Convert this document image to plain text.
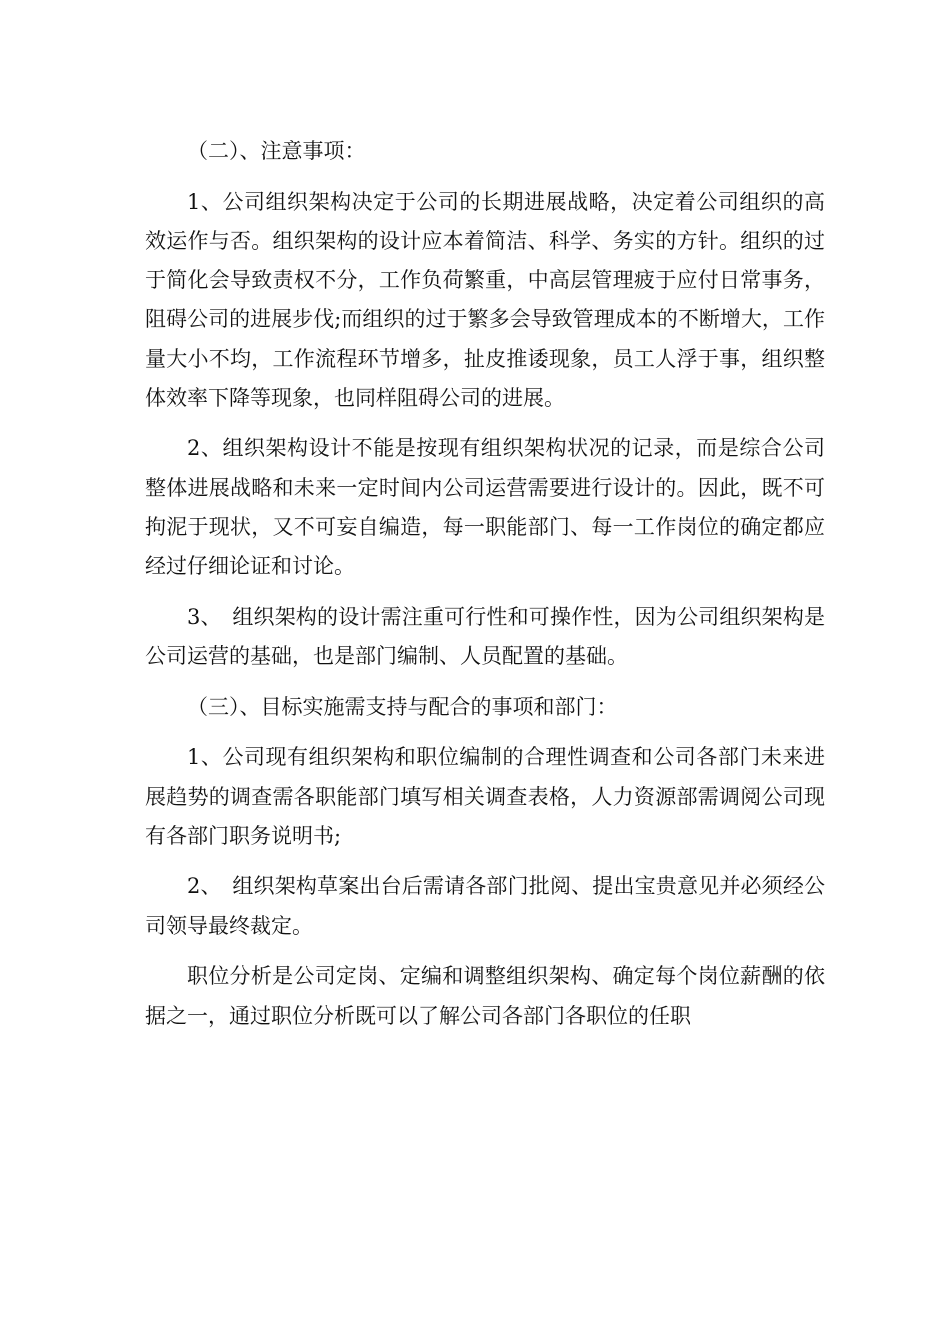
（二）、注意事项：

1、公司组织架构决定于公司的长期进展战略，决定着公司组织的高效运作与否。组织架构的设计应本着简洁、科学、务实的方针。组织的过于简化会导致责权不分，工作负荷繁重，中高层管理疲于应付日常事务，阻碍公司的进展步伐;而组织的过于繁多会导致管理成本的不断增大，工作量大小不均，工作流程环节增多，扯皮推诿现象，员工人浮于事，组织整体效率下降等现象，也同样阻碍公司的进展。

2、组织架构设计不能是按现有组织架构状况的记录，而是综合公司整体进展战略和未来一定时间内公司运营需要进行设计的。因此，既不可拘泥于现状，又不可妄自编造，每一职能部门、每一工作岗位的确定都应经过仔细论证和讨论。

3、　组织架构的设计需注重可行性和可操作性，因为公司组织架构是公司运营的基础，也是部门编制、人员配置的基础。

（三）、目标实施需支持与配合的事项和部门：

1、公司现有组织架构和职位编制的合理性调查和公司各部门未来进展趋势的调查需各职能部门填写相关调查表格，人力资源部需调阅公司现有各部门职务说明书;

2、　组织架构草案出台后需请各部门批阅、提出宝贵意见并必须经公司领导最终裁定。

职位分析是公司定岗、定编和调整组织架构、确定每个岗位薪酬的依据之一，通过职位分析既可以了解公司各部门各职位的任职
